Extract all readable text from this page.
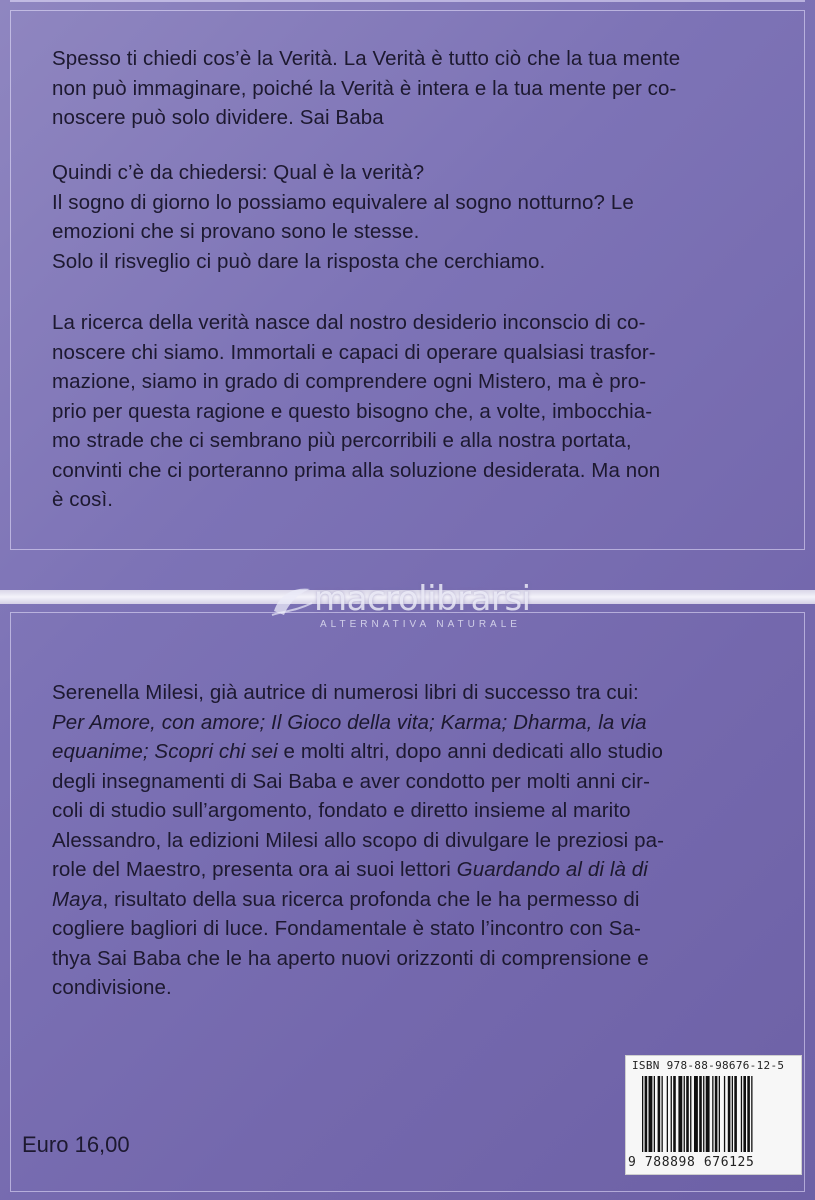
Spesso ti chiedi cos’è la Verità. La Verità è tutto ciò che la tua mente
non può immaginare, poiché la Verità è intera e la tua mente per co-
noscere può solo dividere. Sai Baba

Quindi c’è da chiedersi: Qual è la verità?
Il sogno di giorno lo possiamo equivalere al sogno notturno? Le
emozioni che si provano sono le stesse.
Solo il risveglio ci può dare la risposta che cerchiamo.

La ricerca della verità nasce dal nostro desiderio inconscio di co-
noscere chi siamo. Immortali e capaci di operare qualsiasi trasfor-
mazione, siamo in grado di comprendere ogni Mistero, ma è pro-
prio per questa ragione e questo bisogno che, a volte, imbocchia-
mo strade che ci sembrano più percorribili e alla nostra portata,
convinti che ci porteranno prima alla soluzione desiderata. Ma non
è così.

macrolibrarsi
ALTERNATIVA NATURALE

Serenella Milesi, già autrice di numerosi libri di successo tra cui:
Per Amore, con amore; Il Gioco della vita; Karma; Dharma, la via
equanime; Scopri chi sei e molti altri, dopo anni dedicati allo studio
degli insegnamenti di Sai Baba e aver condotto per molti anni cir-
coli di studio sull’argomento, fondato e diretto insieme al marito
Alessandro, la edizioni Milesi allo scopo di divulgare le preziosi pa-
role del Maestro, presenta ora ai suoi lettori Guardando al di là di
Maya, risultato della sua ricerca profonda che le ha permesso di
cogliere bagliori di luce. Fondamentale è stato l’incontro con Sa-
thya Sai Baba che le ha aperto nuovi orizzonti di comprensione e
condivisione.

Euro 16,00
ISBN 978-88-98676-12-5
9 788898 676125
